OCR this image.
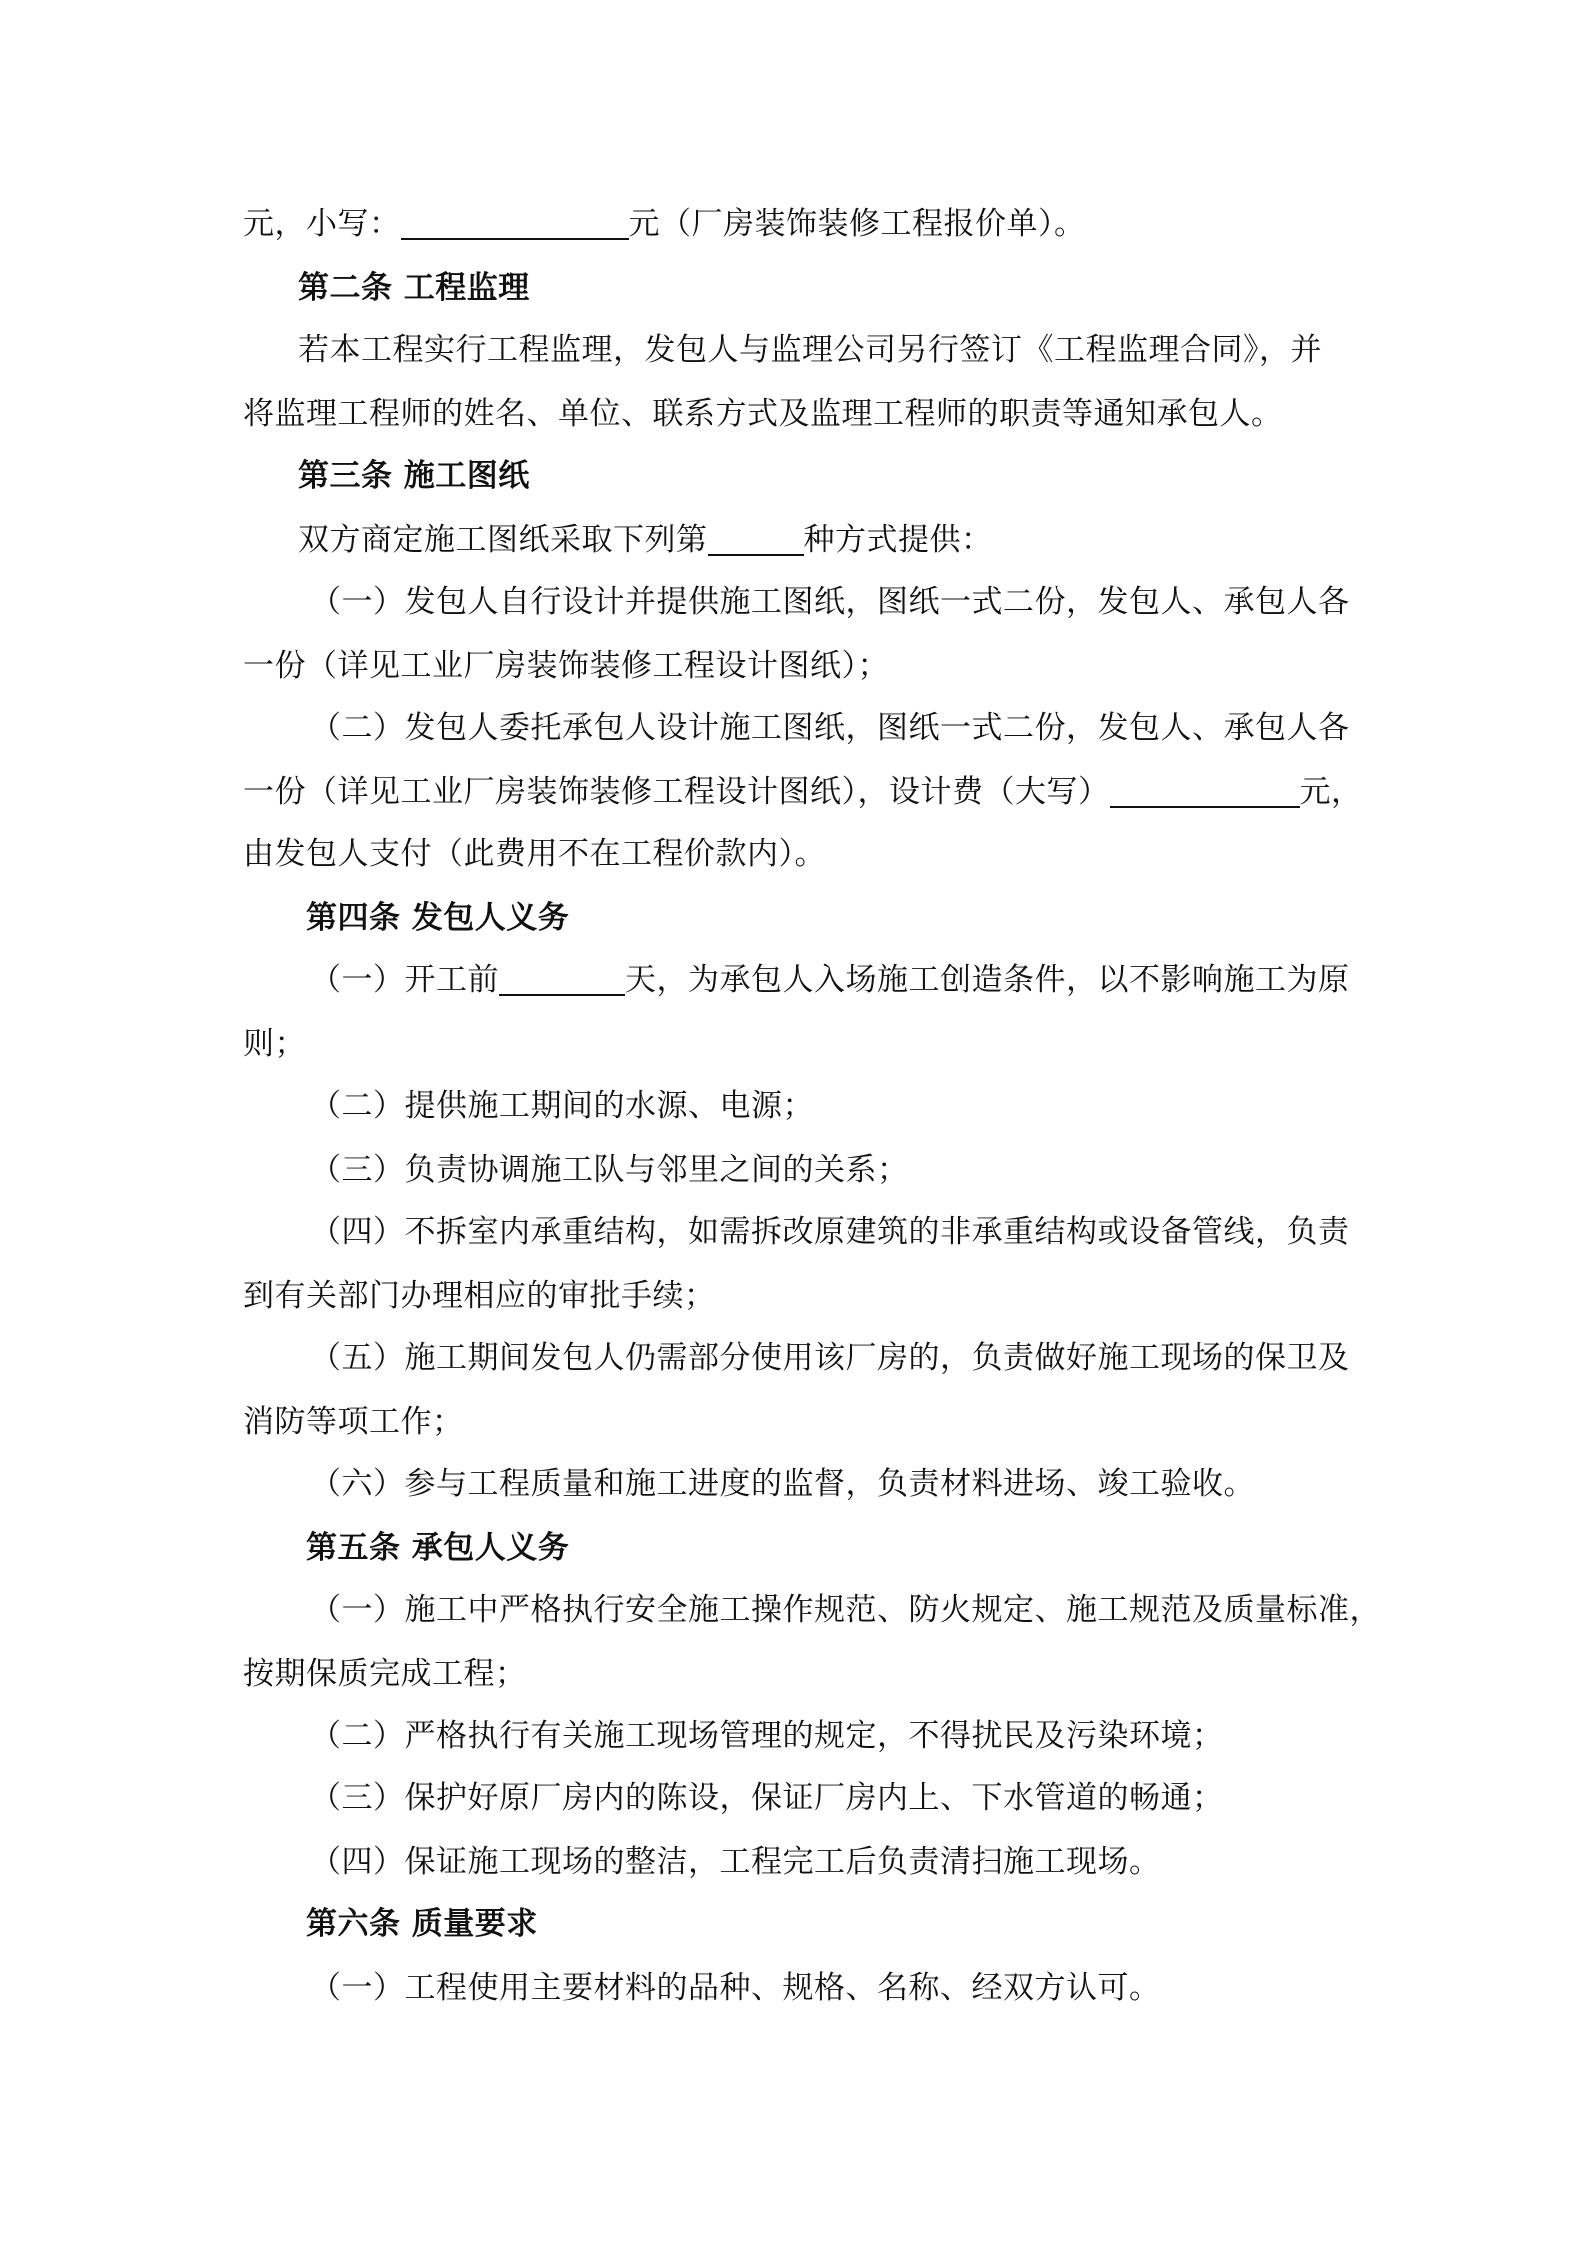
元，小写：	元（厂房装饰装修工程报价单）。
第二条 工程监理
若本工程实行工程监理，发包人与监理公司另行签订《工程监理合同》，并
将监理工程师的姓名、单位、联系方式及监理工程师的职责等通知承包人。
第三条 施工图纸
双方商定施工图纸采取下列第	种方式提供：
（一）发包人自行设计并提供施工图纸，图纸一式二份，发包人、承包人各
一份（详见工业厂房装饰装修工程设计图纸）；
（二）发包人委托承包人设计施工图纸，图纸一式二份，发包人、承包人各
一份（详见工业厂房装饰装修工程设计图纸），设计费（大写）	元，
由发包人支付（此费用不在工程价款内）。
第四条 发包人义务
（一）开工前	天，为承包人入场施工创造条件，以不影响施工为原
则；
（二）提供施工期间的水源、电源；
（三）负责协调施工队与邻里之间的关系；
（四）不拆室内承重结构，如需拆改原建筑的非承重结构或设备管线，负责
到有关部门办理相应的审批手续；
（五）施工期间发包人仍需部分使用该厂房的，负责做好施工现场的保卫及
消防等项工作；
（六）参与工程质量和施工进度的监督，负责材料进场、竣工验收。
第五条 承包人义务
（一）施工中严格执行安全施工操作规范、防火规定、施工规范及质量标准，
按期保质完成工程；
（二）严格执行有关施工现场管理的规定，不得扰民及污染环境；
（三）保护好原厂房内的陈设，保证厂房内上、下水管道的畅通；
（四）保证施工现场的整洁，工程完工后负责清扫施工现场。
第六条 质量要求
（一）工程使用主要材料的品种、规格、名称、经双方认可。
